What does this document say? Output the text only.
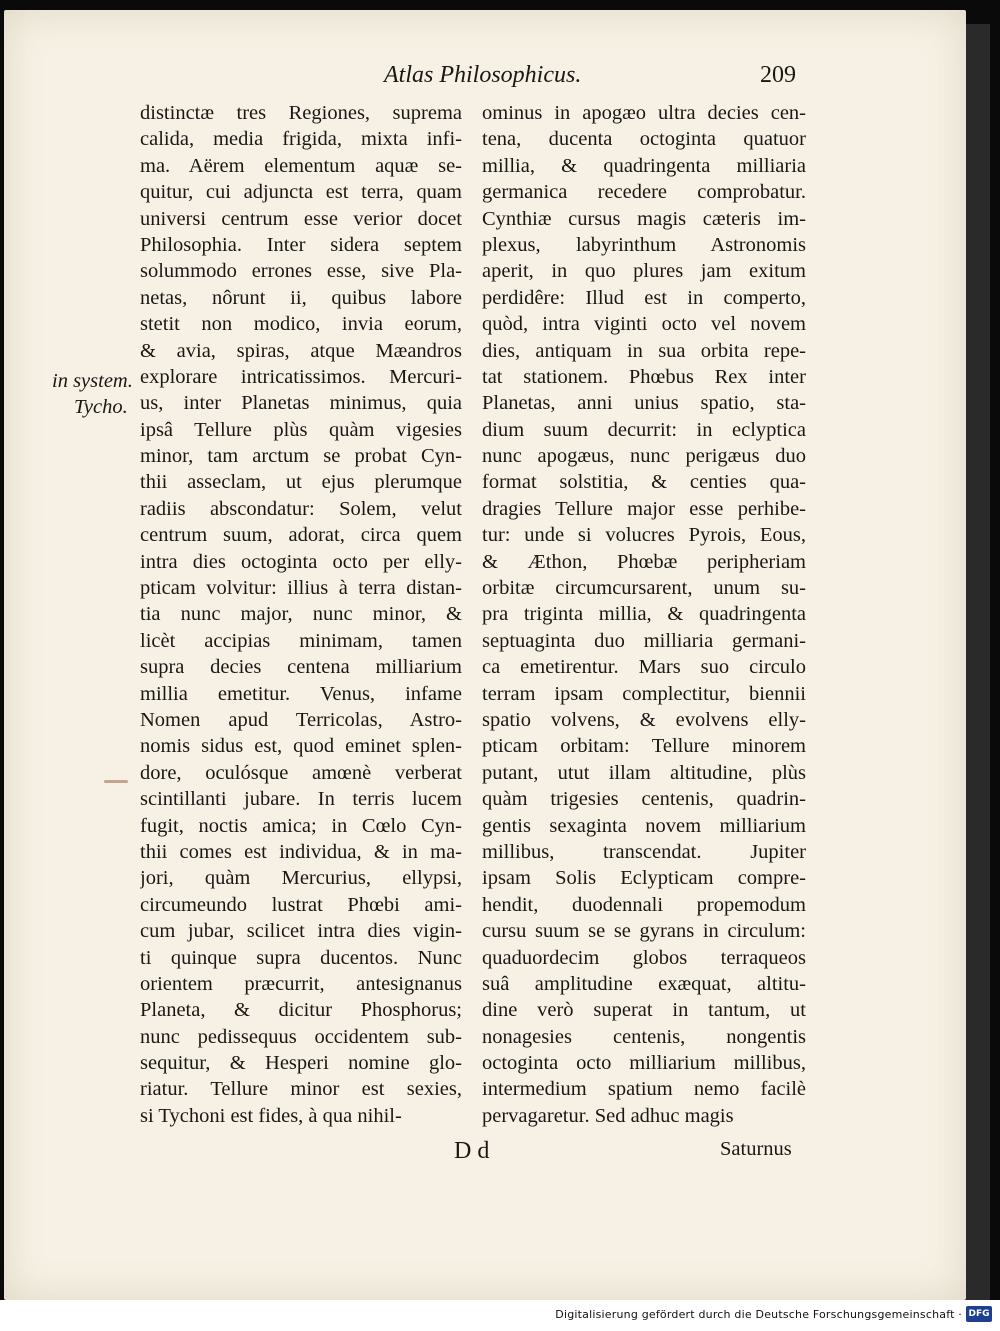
Atlas Philosophicus.	209
in system.
Tycho.
distinctæ tres Regiones, suprema
calida, media frigida, mixta infi-
ma. Aërem elementum aquæ se-
quitur, cui adjuncta est terra, quam
universi centrum esse verior docet
Philosophia. Inter sidera septem
solummodo errones esse, sive Pla-
netas, nôrunt ii, quibus labore
stetit non modico, invia eorum,
& avia, spiras, atque Mæandros
explorare intricatissimos. Mercuri-
us, inter Planetas minimus, quia
ipsâ Tellure plùs quàm vigesies
minor, tam arctum se probat Cyn-
thii asseclam, ut ejus plerumque
radiis abscondatur: Solem, velut
centrum suum, adorat, circa quem
intra dies octoginta octo per elly-
pticam volvitur: illius à terra distan-
tia nunc major, nunc minor, &
licèt accipias minimam, tamen
supra decies centena milliarium
millia emetitur. Venus, infame
Nomen apud Terricolas, Astro-
nomis sidus est, quod eminet splen-
dore, oculósque amœnè verberat
scintillanti jubare. In terris lucem
fugit, noctis amica; in Cœlo Cyn-
thii comes est individua, & in ma-
jori, quàm Mercurius, ellypsi,
circumeundo lustrat Phœbi ami-
cum jubar, scilicet intra dies vigin-
ti quinque supra ducentos. Nunc
orientem præcurrit, antesignanus
Planeta, & dicitur Phosphorus;
nunc pedissequus occidentem sub-
sequitur, & Hesperi nomine glo-
riatur. Tellure minor est sexies,
si Tychoni est fides, à qua nihil-
ominus in apogæo ultra decies cen-
tena, ducenta octoginta quatuor
millia, & quadringenta milliaria
germanica recedere comprobatur.
Cynthiæ cursus magis cæteris im-
plexus, labyrinthum Astronomis
aperit, in quo plures jam exitum
perdidêre: Illud est in comperto,
quòd, intra viginti octo vel novem
dies, antiquam in sua orbita repe-
tat stationem. Phœbus Rex inter
Planetas, anni unius spatio, sta-
dium suum decurrit: in eclyptica
nunc apogæus, nunc perigæus duo
format solstitia, & centies qua-
dragies Tellure major esse perhibe-
tur: unde si volucres Pyrois, Eous,
& Æthon, Phœbæ peripheriam
orbitæ circumcursarent, unum su-
pra triginta millia, & quadringenta
septuaginta duo milliaria germani-
ca emetirentur. Mars suo circulo
terram ipsam complectitur, biennii
spatio volvens, & evolvens elly-
pticam orbitam: Tellure minorem
putant, utut illam altitudine, plùs
quàm trigesies centenis, quadrin-
gentis sexaginta novem milliarium
millibus, transcendat. Jupiter
ipsam Solis Eclypticam compre-
hendit, duodennali propemodum
cursu suum se se gyrans in circulum:
quaduordecim globos terraqueos
suâ amplitudine exæquat, altitu-
dine verò superat in tantum, ut
nonagesies centenis, nongentis
octoginta octo milliarium millibus,
intermedium spatium nemo facilè
pervagaretur. Sed adhuc magis
D d	Saturnus
Digitalisierung gefördert durch die Deutsche Forschungsgemeinschaft · DFG
